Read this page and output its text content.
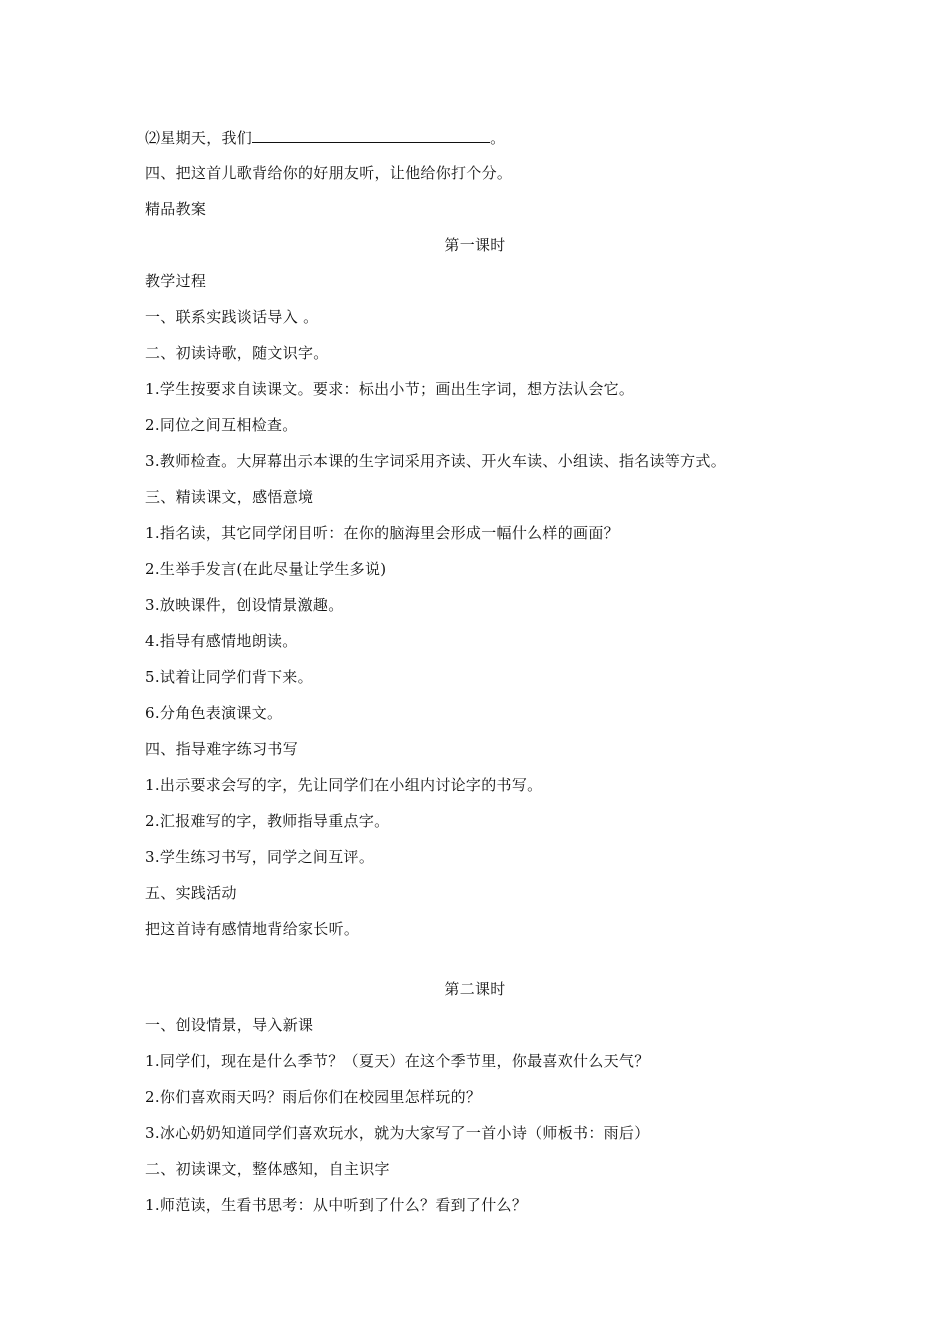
⑵星期天，我们	。
四、把这首儿歌背给你的好朋友听，让他给你打个分。
精品教案
第一课时
教学过程
一、联系实践谈话导入 。
二、初读诗歌，随文识字。
1.学生按要求自读课文。要求：标出小节；画出生字词，想方法认会它。
2.同位之间互相检查。
3.教师检查。大屏幕出示本课的生字词采用齐读、开火车读、小组读、指名读等方式。
三、精读课文，感悟意境
1.指名读，其它同学闭目听：在你的脑海里会形成一幅什么样的画面？
2.生举手发言(在此尽量让学生多说)
3.放映课件，创设情景激趣。
4.指导有感情地朗读。
5.试着让同学们背下来。
6.分角色表演课文。
四、指导难字练习书写
1.出示要求会写的字，先让同学们在小组内讨论字的书写。
2.汇报难写的字，教师指导重点字。
3.学生练习书写，同学之间互评。
五、实践活动
把这首诗有感情地背给家长听。
第二课时
一、创设情景，导入新课
1.同学们，现在是什么季节？（夏天）在这个季节里，你最喜欢什么天气？
2.你们喜欢雨天吗？雨后你们在校园里怎样玩的？
3.冰心奶奶知道同学们喜欢玩水，就为大家写了一首小诗（师板书：雨后）
二、初读课文，整体感知，自主识字
1.师范读，生看书思考：从中听到了什么？看到了什么？
